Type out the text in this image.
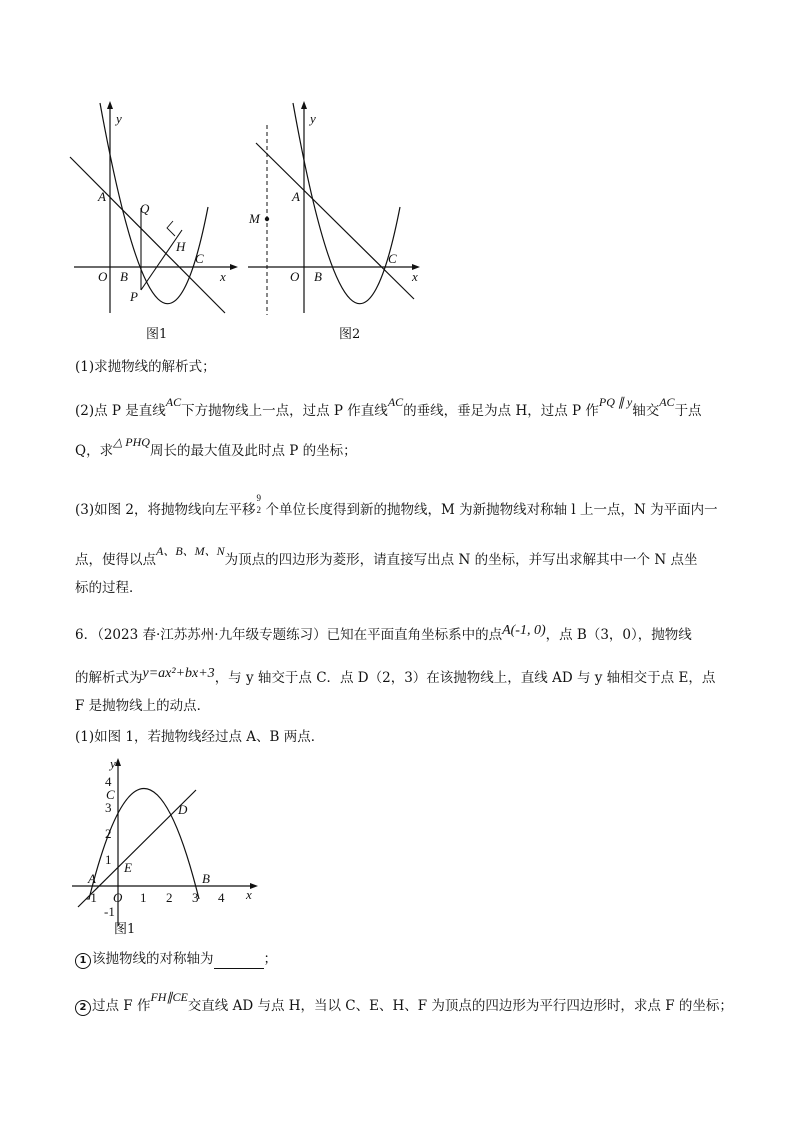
y
x
O
A
B
C
P
Q
H
图1
y
x
O
A
B
C
M
图2
(1)求抛物线的解析式；
(2)点 P 是直线AC下方抛物线上一点，过点 P 作直线AC的垂线，垂足为点 H，过点 P 作PQ ∥ y轴交AC于点
Q，求△ PHQ周长的最大值及此时点 P 的坐标；
(3)如图 2，将抛物线向左平移
9
2 个单位长度得到新的抛物线，M 为新抛物线对称轴 l 上一点，N 为平面内一
点，使得以点A、B、M、N为顶点的四边形为菱形，请直接写出点 N 的坐标，并写出求解其中一个 N 点坐
标的过程．
6．（2023 春·江苏苏州·九年级专题练习）已知在平面直角坐标系中的点A(-1, 0)，点 B（3，0），抛物线
的解析式为y=ax²+bx+3，与 y 轴交于点 C．点 D（2，3）在该抛物线上，直线 AD 与 y 轴相交于点 E，点
F 是抛物线上的动点．
(1)如图 1，若抛物线经过点 A、B 两点．
4
3
2
1
-1
-1	1 2 3 4
y
x
O
A	B
C
D
E
图1
1 该抛物线的对称轴为	；
2 过点 F 作FH∥CE交直线 AD 与点 H，当以 C、E、H、F 为顶点的四边形为平行四边形时，求点 F 的坐标；
